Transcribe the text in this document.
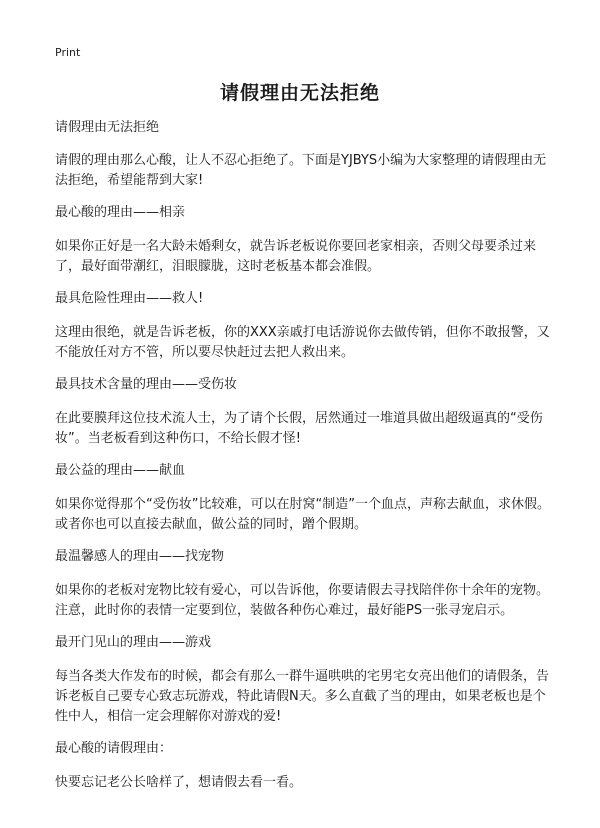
Print
请假理由无法拒绝

请假理由无法拒绝

请假的理由那么心酸，让人不忍心拒绝了。下面是YJBYS小编为大家整理的请假理由无法拒绝，希望能帮到大家!

最心酸的理由——相亲

如果你正好是一名大龄未婚剩女，就告诉老板说你要回老家相亲，否则父母要杀过来了，最好面带潮红，泪眼朦胧，这时老板基本都会准假。

最具危险性理由——救人!

这理由很绝，就是告诉老板，你的XXX亲戚打电话游说你去做传销，但你不敢报警，又不能放任对方不管，所以要尽快赶过去把人救出来。

最具技术含量的理由——受伤妆

在此要膜拜这位技术流人士，为了请个长假，居然通过一堆道具做出超级逼真的“受伤妆”。当老板看到这种伤口，不给长假才怪!

最公益的理由——献血

如果你觉得那个“受伤妆”比较难，可以在肘窝“制造”一个血点，声称去献血，求休假。或者你也可以直接去献血，做公益的同时，蹭个假期。

最温馨感人的理由——找宠物

如果你的老板对宠物比较有爱心，可以告诉他，你要请假去寻找陪伴你十余年的宠物。注意，此时你的表情一定要到位，装做各种伤心难过，最好能PS一张寻宠启示。

最开门见山的理由——游戏

每当各类大作发布的时候，都会有那么一群牛逼哄哄的宅男宅女亮出他们的请假条，告诉老板自己要专心致志玩游戏，特此请假N天。多么直截了当的理由，如果老板也是个性中人，相信一定会理解你对游戏的爱!

最心酸的请假理由：

快要忘记老公长啥样了，想请假去看一看。
